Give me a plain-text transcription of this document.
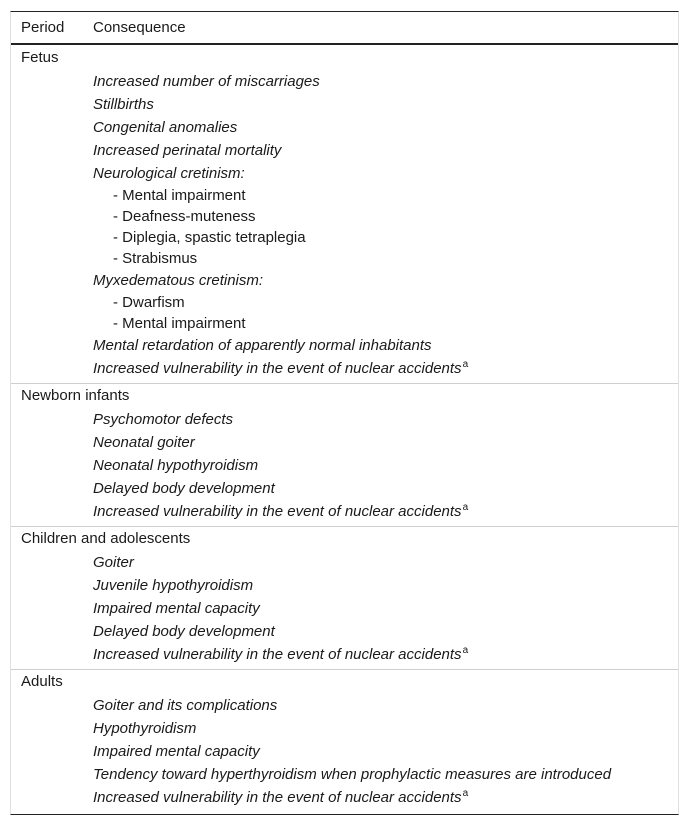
Period Consequence
Fetus
Increased number of miscarriages
Stillbirths
Congenital anomalies
Increased perinatal mortality
Neurological cretinism:
- Mental impairment
- Deafness-muteness
- Diplegia, spastic tetraplegia
- Strabismus
Myxedematous cretinism:
- Dwarfism
- Mental impairment
Mental retardation of apparently normal inhabitants
Increased vulnerability in the event of nuclear accidents$^a$
Newborn infants
Psychomotor defects
Neonatal goiter
Neonatal hypothyroidism
Delayed body development
Increased vulnerability in the event of nuclear accidents$^a$
Children and adolescents
Goiter
Juvenile hypothyroidism
Impaired mental capacity
Delayed body development
Increased vulnerability in the event of nuclear accidents$^a$
Adults
Goiter and its complications
Hypothyroidism
Impaired mental capacity
Tendency toward hyperthyroidism when prophylactic measures are introduced
Increased vulnerability in the event of nuclear accidents$^a$
